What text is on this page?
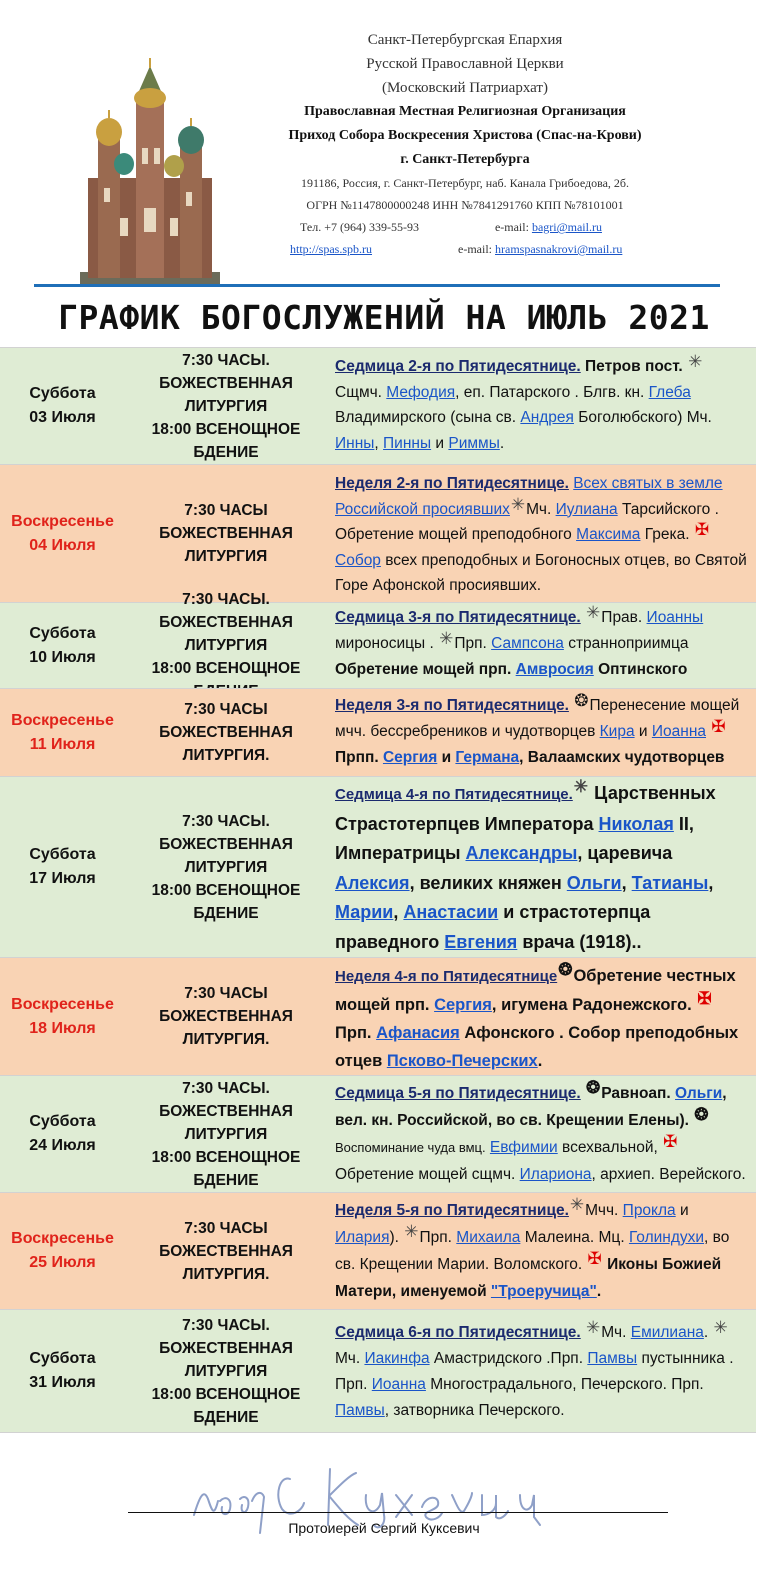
Санкт-Петербургская Епархия
Русской Православной Церкви
(Московский Патриархат)
Православная Местная Религиозная Организация
Приход Собора Воскресения Христова (Спас-на-Крови)
г. Санкт-Петербурга
191186, Россия, г. Санкт-Петербург, наб. Канала Грибоедова, 2б.
ОГРН №1147800000248 ИНН №7841291760 КПП №78101001
Тел. +7 (964) 339-55-93	e-mail: bagri@mail.ru
http://spas.spb.ru	e-mail: hramspasnakrovi@mail.ru
ГРАФИК БОГОСЛУЖЕНИЙ НА ИЮЛЬ 2021
Суббота
03 Июля
7:30 ЧАСЫ. БОЖЕСТВЕННАЯ
ЛИТУРГИЯ
18:00 ВСЕНОЩНОЕ БДЕНИЕ
Седмица 2-я по Пятидесятнице. Петров пост. ✳
Сщмч. Мефодия, еп. Патарского . Блгв. кн. Глеба Владимирского (сына св. Андрея Боголюбского) Мч. Инны, Пинны и Риммы.
Воскресенье
04 Июля
7:30 ЧАСЫ БОЖЕСТВЕННАЯ
ЛИТУРГИЯ
Неделя 2-я по Пятидесятнице. Всех святых в земле Российской просиявших✳Мч. Иулиана Тарсийского . Обретение мощей преподобного Максима Грека. ✠ Собор всех преподобных и Богоносных отцев, во Святой Горе Афонской просиявших.
Суббота
10 Июля
7:30 ЧАСЫ. БОЖЕСТВЕННАЯ
ЛИТУРГИЯ
18:00 ВСЕНОЩНОЕ
Седмица 3-я по Пятидесятнице. ✳Прав. Иоанны
мироносицы . ✳Прп. Сампсона странноприимца
Обретение мощей прп. Амвросия Оптинского
Воскресенье
11 Июля
7:30 ЧАСЫ
БОЖЕСТВЕННАЯ
ЛИТУРГИЯ.
Неделя 3-я по Пятидесятнице. ❂Перенесение мощей мчч. бессребреников и чудотворцев Кира и Иоанна ✠
Прпп. Сергия и Германа, Валаамских чудотворцев
Суббота
17 Июля
7:30 ЧАСЫ. БОЖЕСТВЕННАЯ
ЛИТУРГИЯ
18:00 ВСЕНОЩНОЕ БДЕНИЕ
Седмица 4-я по Пятидесятнице.✳ Царственных Страстотерпцев Императора Николая II, Императрицы Александры, царевича Алексия, великих княжен Ольги, Татианы, Марии, Анастасии и страстотерпца праведного Евгения врача (1918)..
Воскресенье
18 Июля
7:30 ЧАСЫ
БОЖЕСТВЕННАЯ
ЛИТУРГИЯ.
Неделя 4-я по Пятидесятнице❂Обретение честных мощей прп. Сергия, игумена Радонежского. ✠ Прп. Афанасия Афонского . Собор преподобных отцев Псково-Печерских.
Суббота
24 Июля
7:30 ЧАСЫ. БОЖЕСТВЕННАЯ
ЛИТУРГИЯ
18:00 ВСЕНОЩНОЕ БДЕНИЕ
Седмица 5-я по Пятидесятнице. ❂Равноап. Ольги, вел. кн. Российской, во св. Крещении Елены). ❂
Воспоминание чуда вмц. Евфимии всехвальной, ✠
Обретение мощей сщмч. Илариона, архиеп. Верейского.
Воскресенье
25 Июля
7:30 ЧАСЫ
БОЖЕСТВЕННАЯ
ЛИТУРГИЯ.
Неделя 5-я по Пятидесятнице.✳Мчч. Прокла и Илария). ✳Прп. Михаила Малеина. Мц. Голиндухи, во св. Крещении Марии. Воломского. ✠ Иконы Божией Матери, именуемой "Троеручица".
Суббота
31 Июля
7:30 ЧАСЫ. БОЖЕСТВЕННАЯ
ЛИТУРГИЯ
18:00 ВСЕНОЩНОЕ БДЕНИЕ
Седмица 6-я по Пятидесятнице. ✳Мч. Емилиана. ✳
Мч. Иакинфа Амастридского .Прп. Памвы пустынника . Прп. Иоанна Многострадального, Печерского. Прп.
Памвы, затворника Печерского.
Протоиерей Сергий Куксевич
